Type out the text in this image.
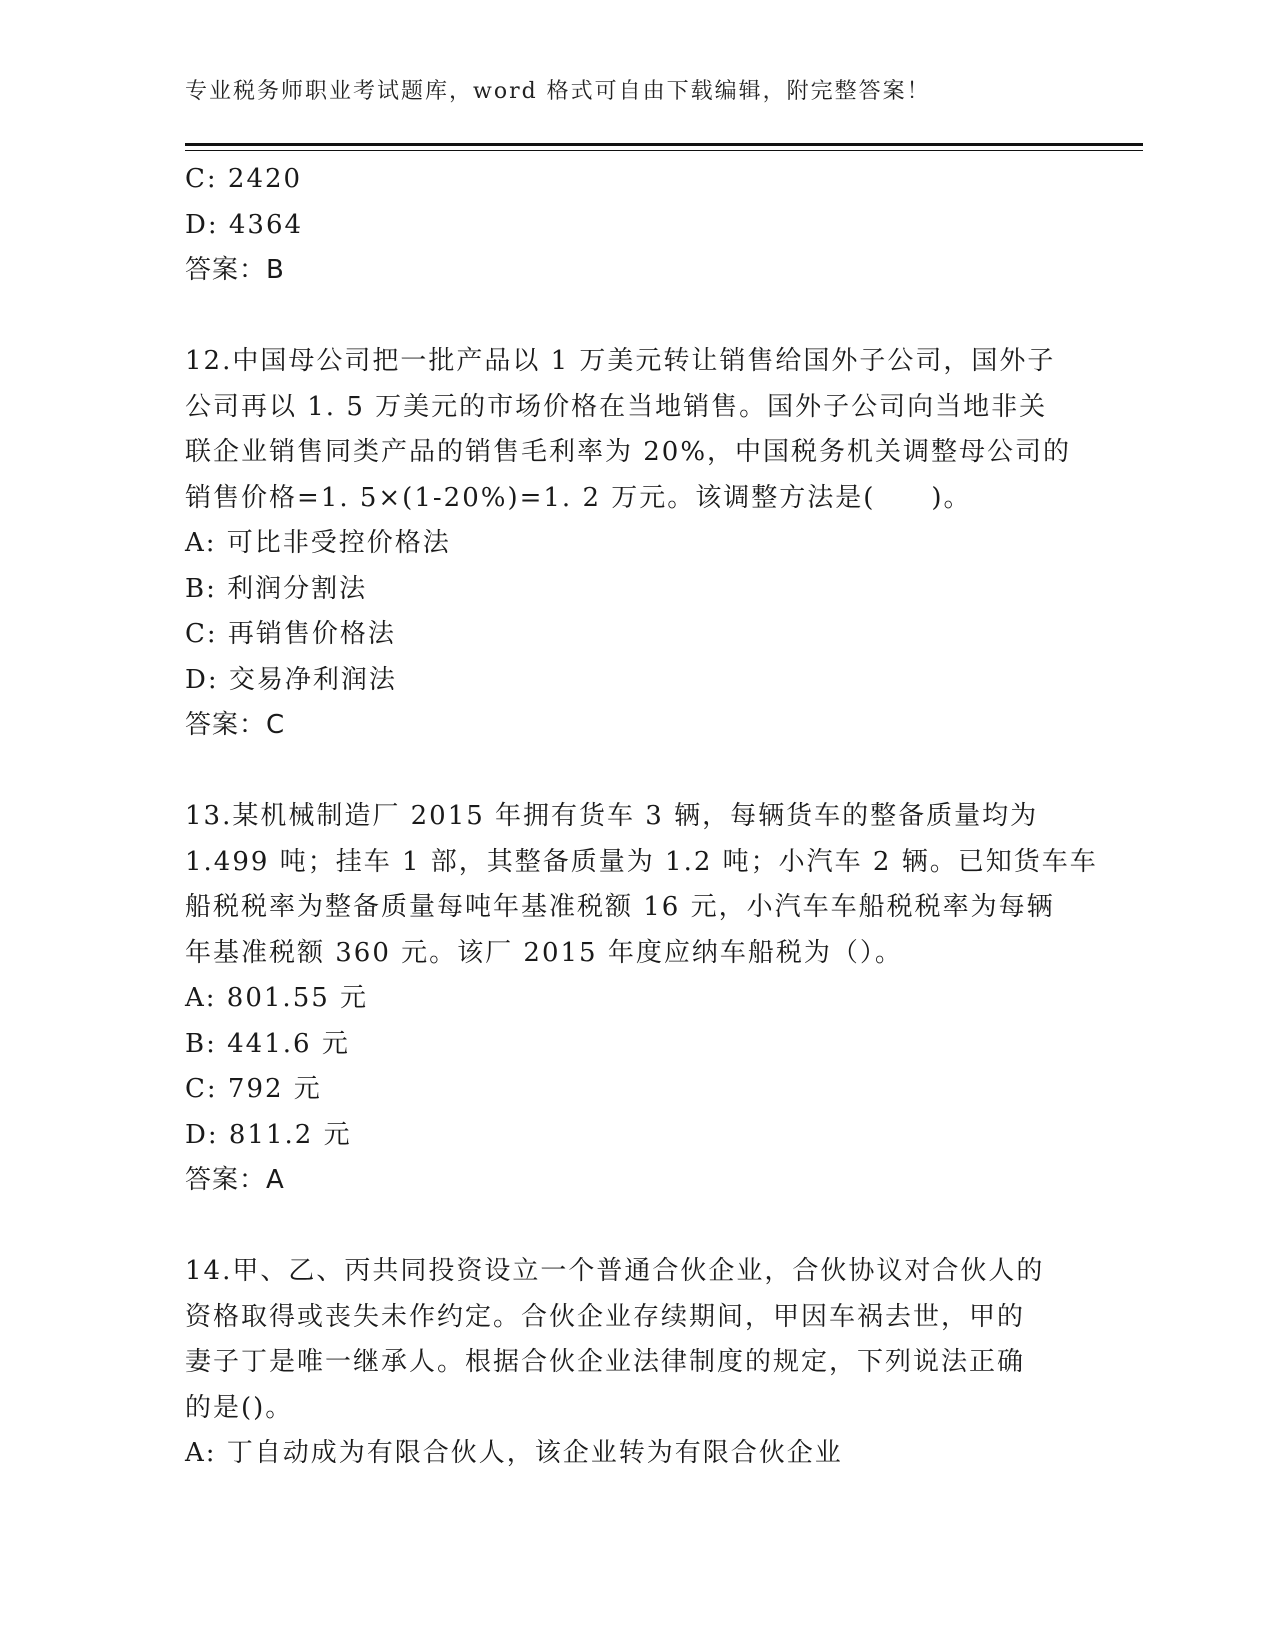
专业税务师职业考试题库，word 格式可自由下载编辑，附完整答案！
C: 2420
D: 4364
答案：B
12.中国母公司把一批产品以 1 万美元转让销售给国外子公司，国外子
公司再以 1. 5 万美元的市场价格在当地销售。国外子公司向当地非关
联企业销售同类产品的销售毛利率为 20%，中国税务机关调整母公司的
销售价格=1. 5×(1-20%)=1. 2 万元。该调整方法是(　　)。
A: 可比非受控价格法
B: 利润分割法
C: 再销售价格法
D: 交易净利润法
答案：C
13.某机械制造厂 2015 年拥有货车 3 辆，每辆货车的整备质量均为
1.499 吨；挂车 1 部，其整备质量为 1.2 吨；小汽车 2 辆。已知货车车
船税税率为整备质量每吨年基准税额 16 元，小汽车车船税税率为每辆
年基准税额 360 元。该厂 2015 年度应纳车船税为（）。
A: 801.55 元
B: 441.6 元
C: 792 元
D: 811.2 元
答案：A
14.甲、乙、丙共同投资设立一个普通合伙企业，合伙协议对合伙人的
资格取得或丧失未作约定。合伙企业存续期间，甲因车祸去世，甲的
妻子丁是唯一继承人。根据合伙企业法律制度的规定，下列说法正确
的是()。
A: 丁自动成为有限合伙人，该企业转为有限合伙企业
